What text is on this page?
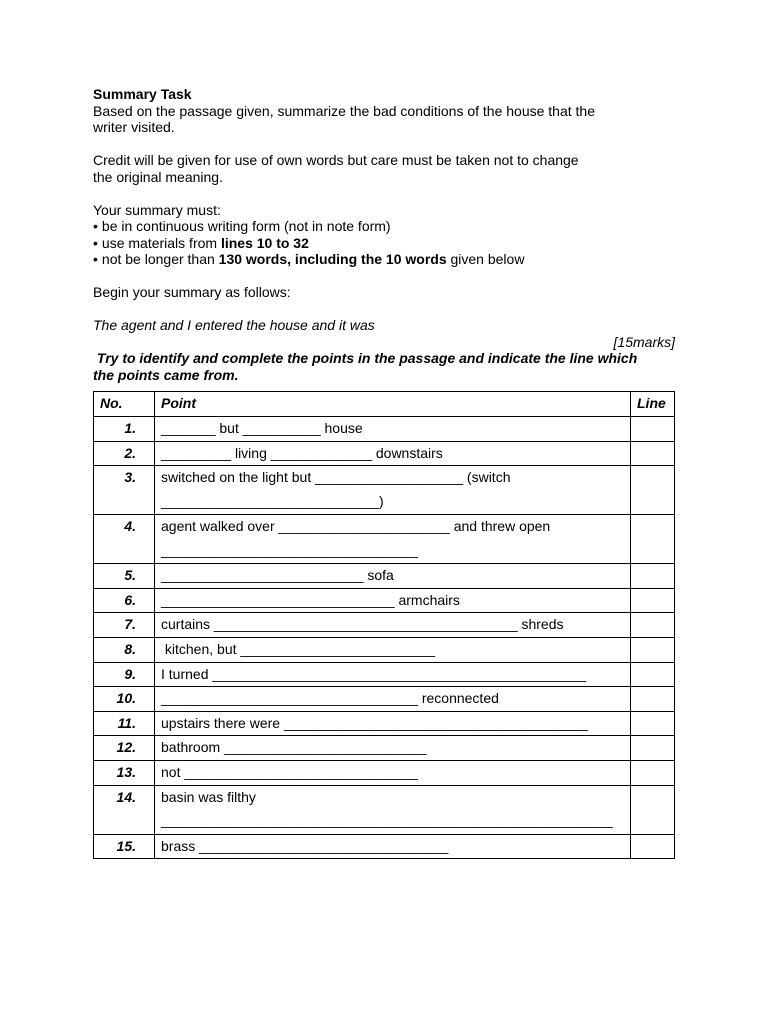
Summary Task
Based on the passage given, summarize the bad conditions of the house that the
writer visited.
Credit will be given for use of own words but care must be taken not to change
the original meaning.
Your summary must:
• be in continuous writing form (not in note form)
• use materials from lines 10 to 32
• not be longer than 130 words, including the 10 words given below
Begin your summary as follows:
The agent and I entered the house and it was
[15marks]
Try to identify and complete the points in the passage and indicate the line which
the points came from.
No.	Point	Line
1.	_______ but __________ house	
2.	_________ living _____________ downstairs	
3.	switched on the light but ___________________ (switch
____________________________)	
4.	agent walked over ______________________ and threw open
_________________________________	
5.	__________________________ sofa	
6.	______________________________ armchairs	
7.	curtains _______________________________________ shreds	
8.	kitchen, but _________________________	
9.	I turned ________________________________________________	
10.	_________________________________ reconnected	
11.	upstairs there were _______________________________________	
12.	bathroom __________________________	
13.	not ______________________________	
14.	basin was filthy
__________________________________________________________	
15.	brass ________________________________	
